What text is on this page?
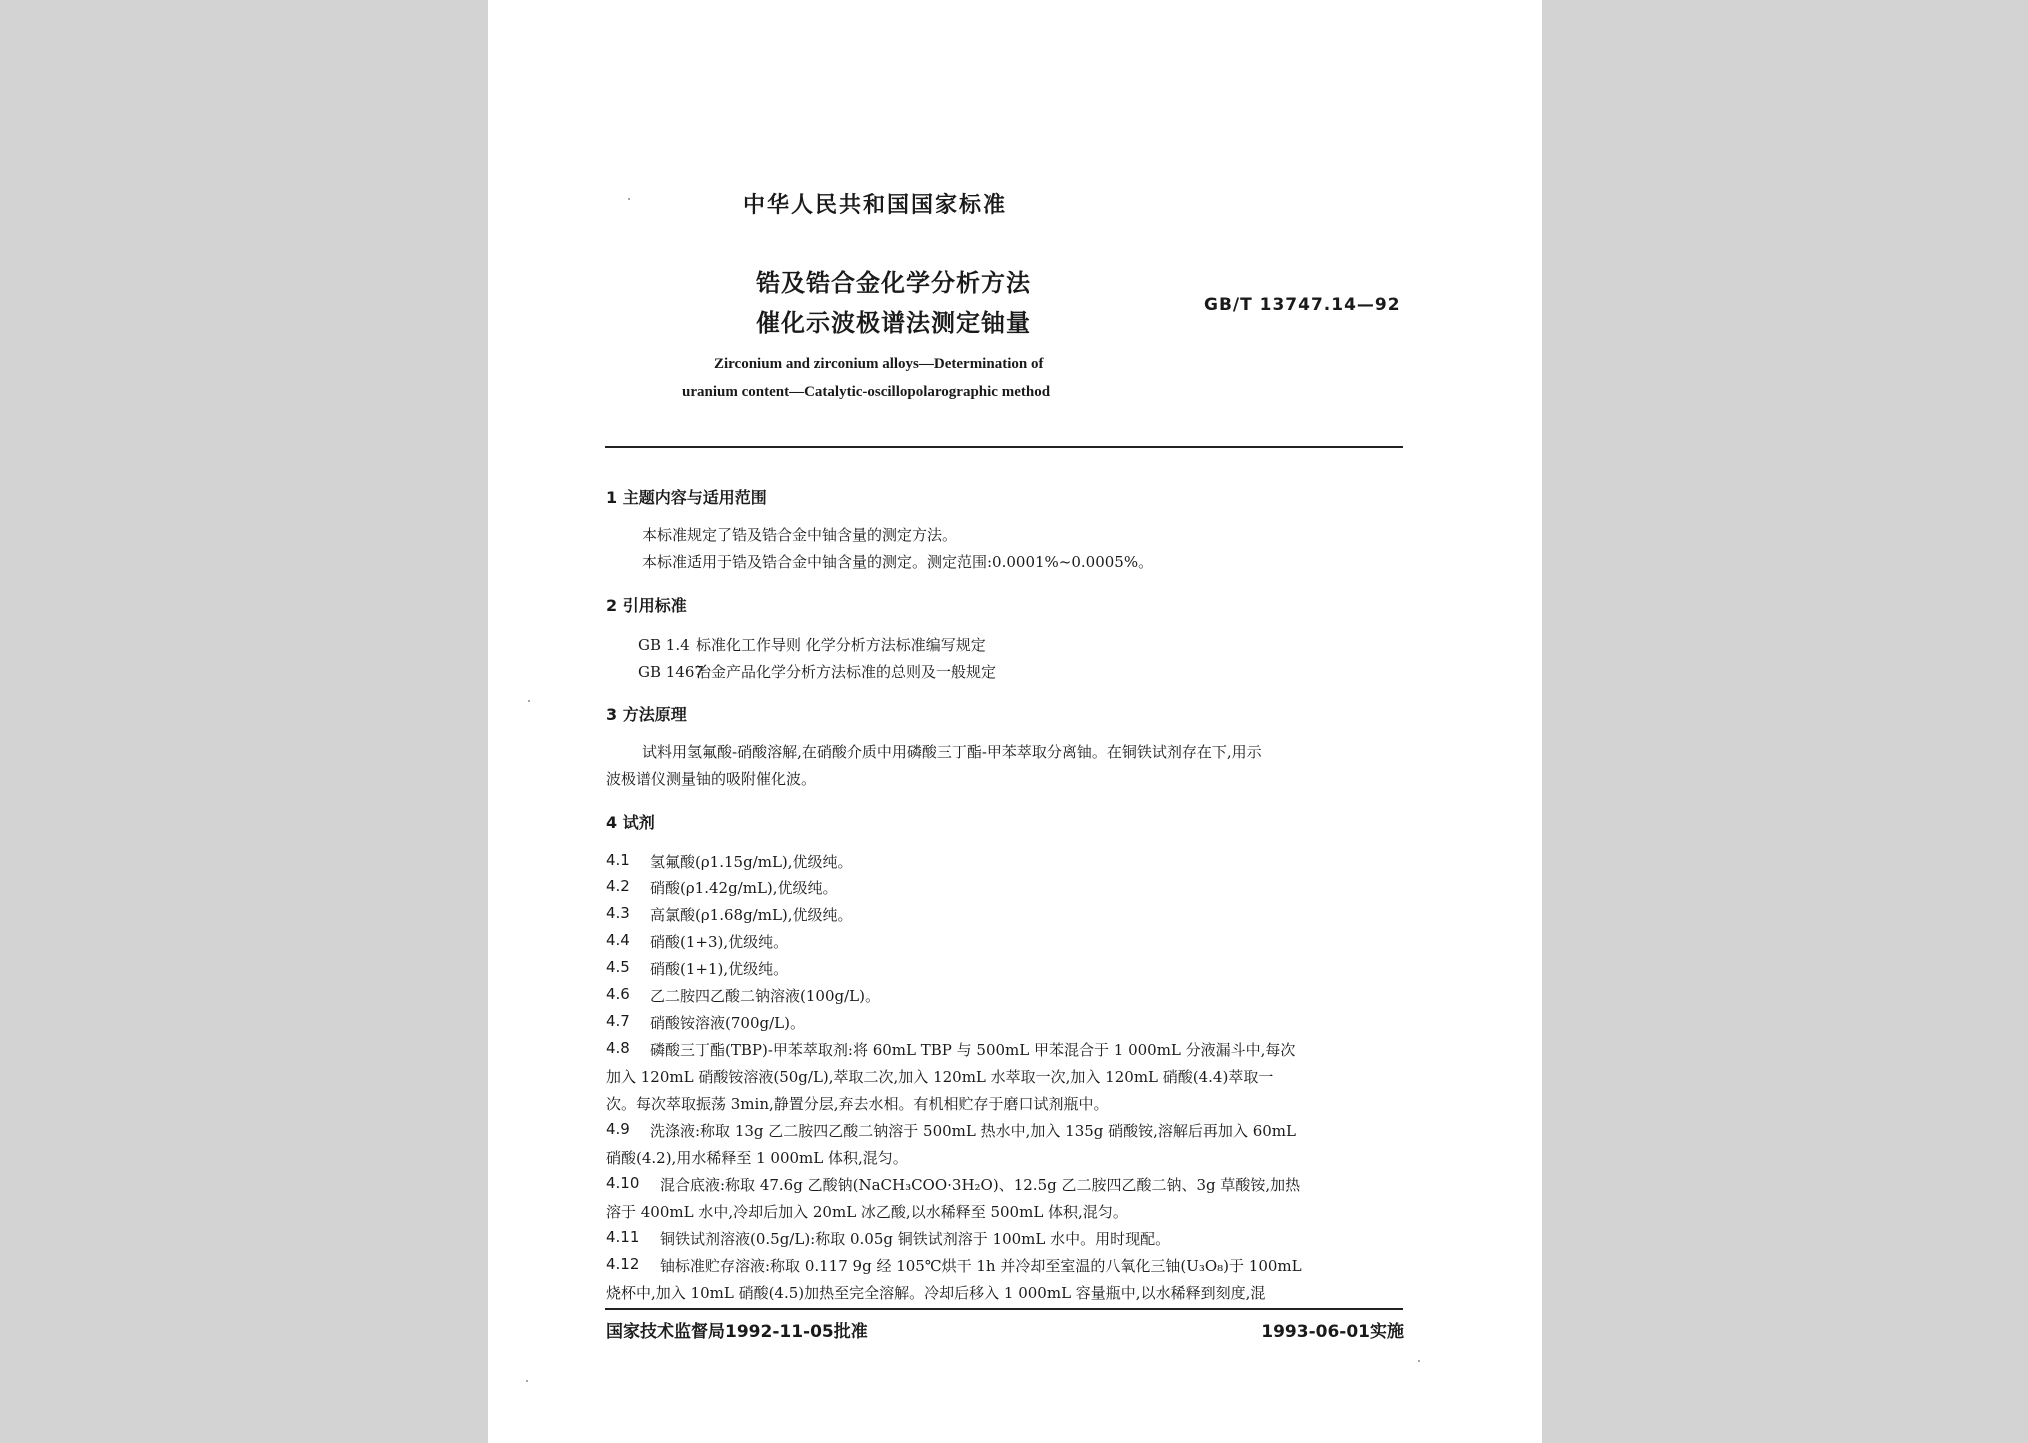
中华人民共和国国家标准
锆及锆合金化学分析方法
催化示波极谱法测定铀量
GB/T 13747.14—92
Zirconium and zirconium alloys—Determination of
uranium content—Catalytic-oscillopolarographic method
1 主题内容与适用范围
本标准规定了锆及锆合金中铀含量的测定方法。
本标准适用于锆及锆合金中铀含量的测定。测定范围:0.0001%~0.0005%。
2 引用标准
GB 1.4 标准化工作导则 化学分析方法标准编写规定
GB 1467冶金产品化学分析方法标准的总则及一般规定
3 方法原理
试料用氢氟酸-硝酸溶解,在硝酸介质中用磷酸三丁酯-甲苯萃取分离铀。在铜铁试剂存在下,用示
波极谱仪测量铀的吸附催化波。
4 试剂
4.1 氢氟酸(ρ1.15g/mL),优级纯。
4.2 硝酸(ρ1.42g/mL),优级纯。
4.3 高氯酸(ρ1.68g/mL),优级纯。
4.4 硝酸(1+3),优级纯。
4.5 硝酸(1+1),优级纯。
4.6 乙二胺四乙酸二钠溶液(100g/L)。
4.7 硝酸铵溶液(700g/L)。
4.8 磷酸三丁酯(TBP)-甲苯萃取剂:将 60mL TBP 与 500mL 甲苯混合于 1 000mL 分液漏斗中,每次
加入 120mL 硝酸铵溶液(50g/L),萃取二次,加入 120mL 水萃取一次,加入 120mL 硝酸(4.4)萃取一
次。每次萃取振荡 3min,静置分层,弃去水相。有机相贮存于磨口试剂瓶中。
4.9 洗涤液:称取 13g 乙二胺四乙酸二钠溶于 500mL 热水中,加入 135g 硝酸铵,溶解后再加入 60mL
硝酸(4.2),用水稀释至 1 000mL 体积,混匀。
4.10 混合底液:称取 47.6g 乙酸钠(NaCH₃COO·3H₂O)、12.5g 乙二胺四乙酸二钠、3g 草酸铵,加热
溶于 400mL 水中,冷却后加入 20mL 冰乙酸,以水稀释至 500mL 体积,混匀。
4.11 铜铁试剂溶液(0.5g/L):称取 0.05g 铜铁试剂溶于 100mL 水中。用时现配。
4.12 铀标准贮存溶液:称取 0.117 9g 经 105℃烘干 1h 并冷却至室温的八氧化三铀(U₃O₈)于 100mL
烧杯中,加入 10mL 硝酸(4.5)加热至完全溶解。冷却后移入 1 000mL 容量瓶中,以水稀释到刻度,混
国家技术监督局1992-11-05批准	1993-06-01实施
